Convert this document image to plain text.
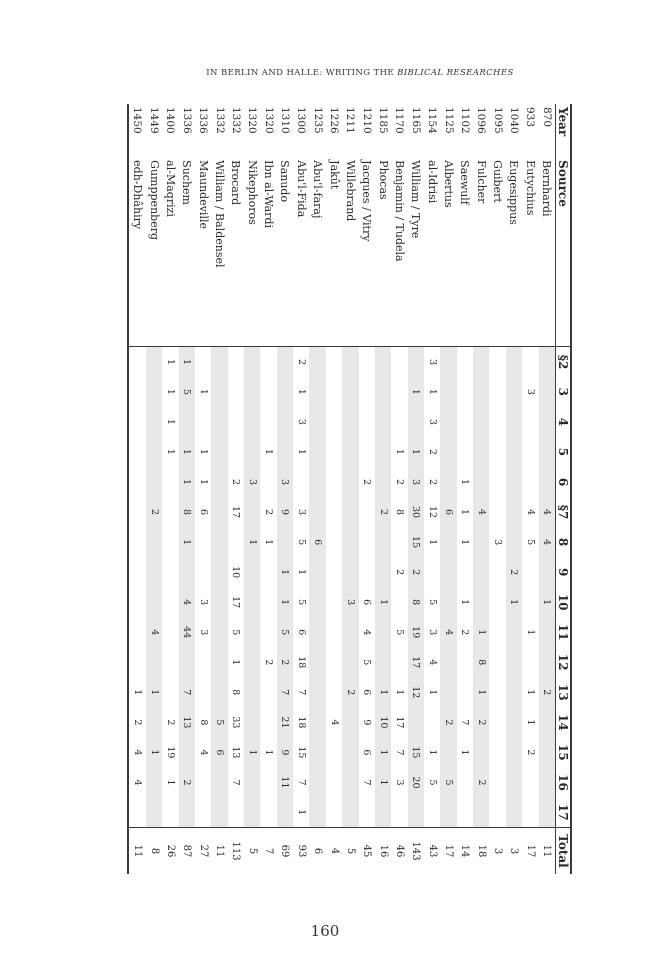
IN BERLIN AND HALLE: WRITING THE BIBLICAL RESEARCHES
Year	Source	§2	3	4	5	6	§7	8	9	10	11	12	13	14	15	16	17	Total
870	Bernhardi						4	4		1			2					11
933	Eutychius		3				4	5			1		1	1	2			17
1040	Eugesippus								2	1								3
1095	Guibert							3										3
1096	Fulcher						4				1	8	1	2		2		18
1102	Saewulf					1	1	1		1	2			7	1			14
1125	Albertus						6				4			2		5		17
1154	al-Idrisi	3	1	3	2	2	12	1		5	3	4	1		1	5		43
1165	William / Tyre		1		1	3	30	15	2	8	19	17	12		15	20		143
1170	Benjamin / Tudela				1	2	8		2		5		1	17	7	3		46
1185	Phocas						2			1			1	10	1	1		16
1210	Jacques / Vitry					2				6	4	5	6	9	6	7		45
1211	Willebrand									3			2					5
1226	Jakût													4				4
1235	Abu'l-faraj							6										6
1300	Abu'l-Fida	2	1	3	1		3	5	1	5	6	18	7	18	15	7	1	93
1310	Sanudo					3	9		1	1	5	2	7	21	9	11		69
1320	Ibn al-Wardi				1		2	1				2			1			7
1320	Nikephoros					3		1							1			5
1332	Brocard					2	17		10	17	5	1	8	33	13	7		113
1332	William / Baldensel													5	6			11
1336	Maundeville		1		1	1	6			3	3			8	4			27
1336	Suchem	1	5		1	1	8	1		4	44		7	13		2		87
1400	al-Maqrizi	1	1	1	1									2	19	1		26
1449	Gumppenberg						2				4		1		1			8
1450	edh-Dhâhiry												1	2	4	4		11
160
